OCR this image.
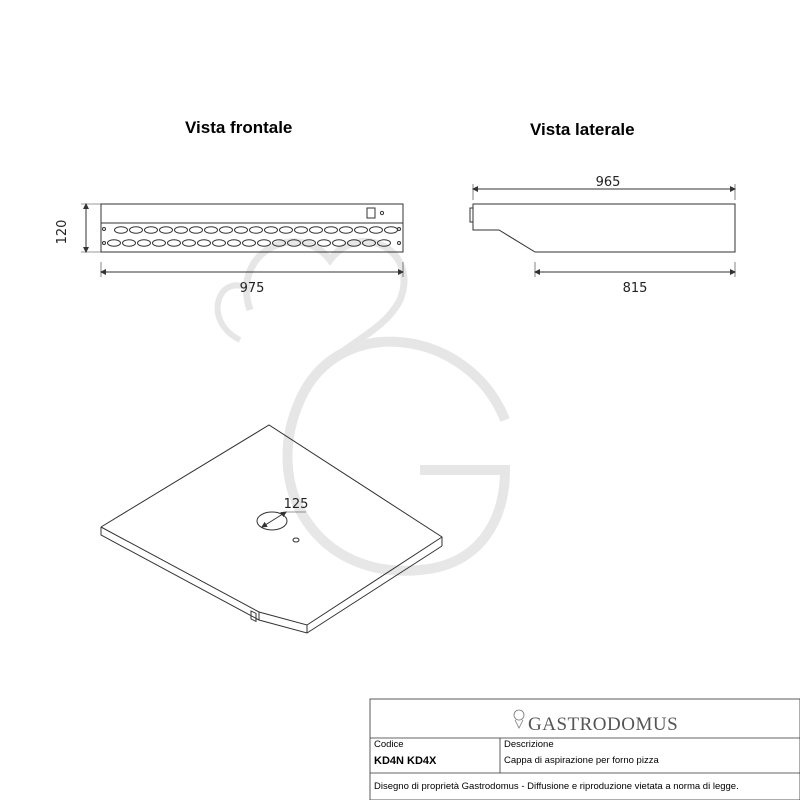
Vista frontale	Vista laterale
120
975
965
815
125
GASTRODOMUS
Codice
KD4N KD4X
Descrizione
Cappa di aspirazione per forno pizza
Disegno di proprietà Gastrodomus - Diffusione e riproduzione vietata a norma di legge.
